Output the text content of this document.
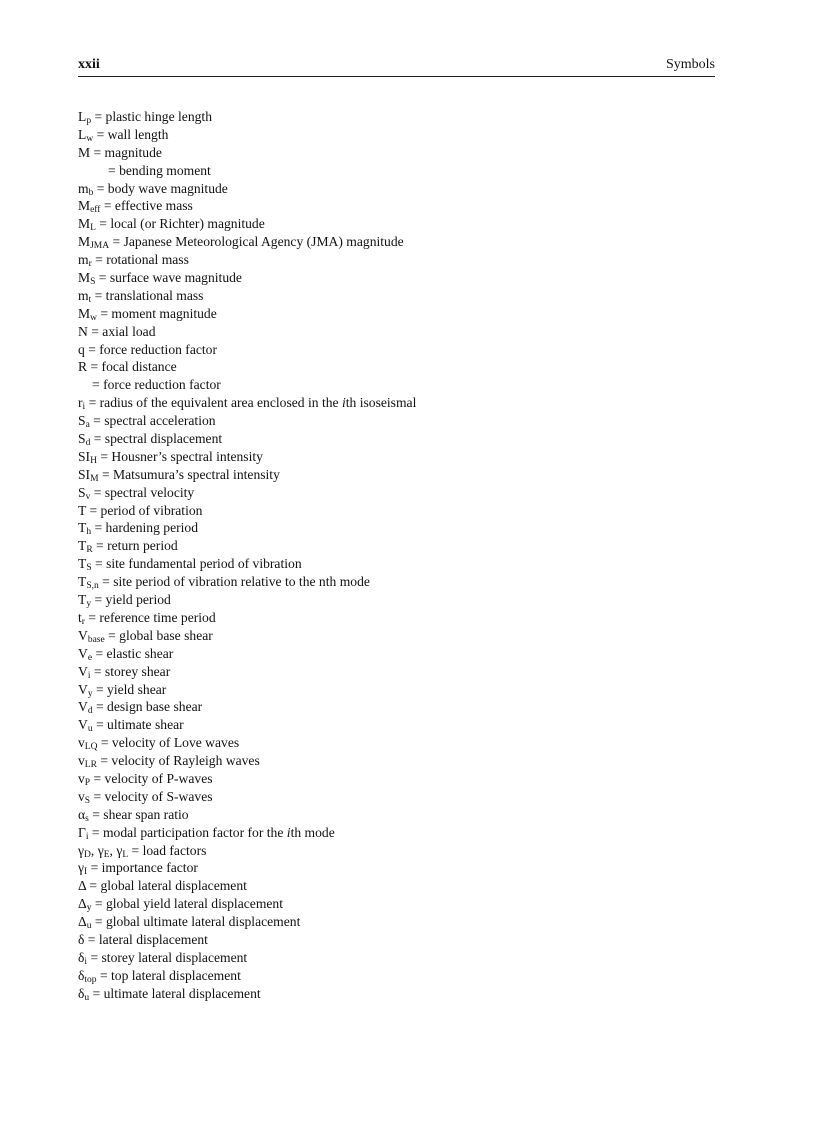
xxii	Symbols
Lp = plastic hinge length
Lw = wall length
M = magnitude
= bending moment
mb = body wave magnitude
Meff = effective mass
ML = local (or Richter) magnitude
MJMA = Japanese Meteorological Agency (JMA) magnitude
mr = rotational mass
MS = surface wave magnitude
mt = translational mass
Mw = moment magnitude
N = axial load
q = force reduction factor
R = focal distance
= force reduction factor
ri = radius of the equivalent area enclosed in the ith isoseismal
Sa = spectral acceleration
Sd = spectral displacement
SIH = Housner’s spectral intensity
SIM = Matsumura’s spectral intensity
Sv = spectral velocity
T = period of vibration
Th = hardening period
TR = return period
TS = site fundamental period of vibration
TS,n = site period of vibration relative to the nth mode
Ty = yield period
tr = reference time period
Vbase = global base shear
Ve = elastic shear
Vi = storey shear
Vy = yield shear
Vd = design base shear
Vu = ultimate shear
vLQ = velocity of Love waves
vLR = velocity of Rayleigh waves
vP = velocity of P-waves
vS = velocity of S-waves
αs = shear span ratio
Γi = modal participation factor for the ith mode
γD, γE, γL = load factors
γI = importance factor
Δ = global lateral displacement
Δy = global yield lateral displacement
Δu = global ultimate lateral displacement
δ = lateral displacement
δi = storey lateral displacement
δtop = top lateral displacement
δu = ultimate lateral displacement
